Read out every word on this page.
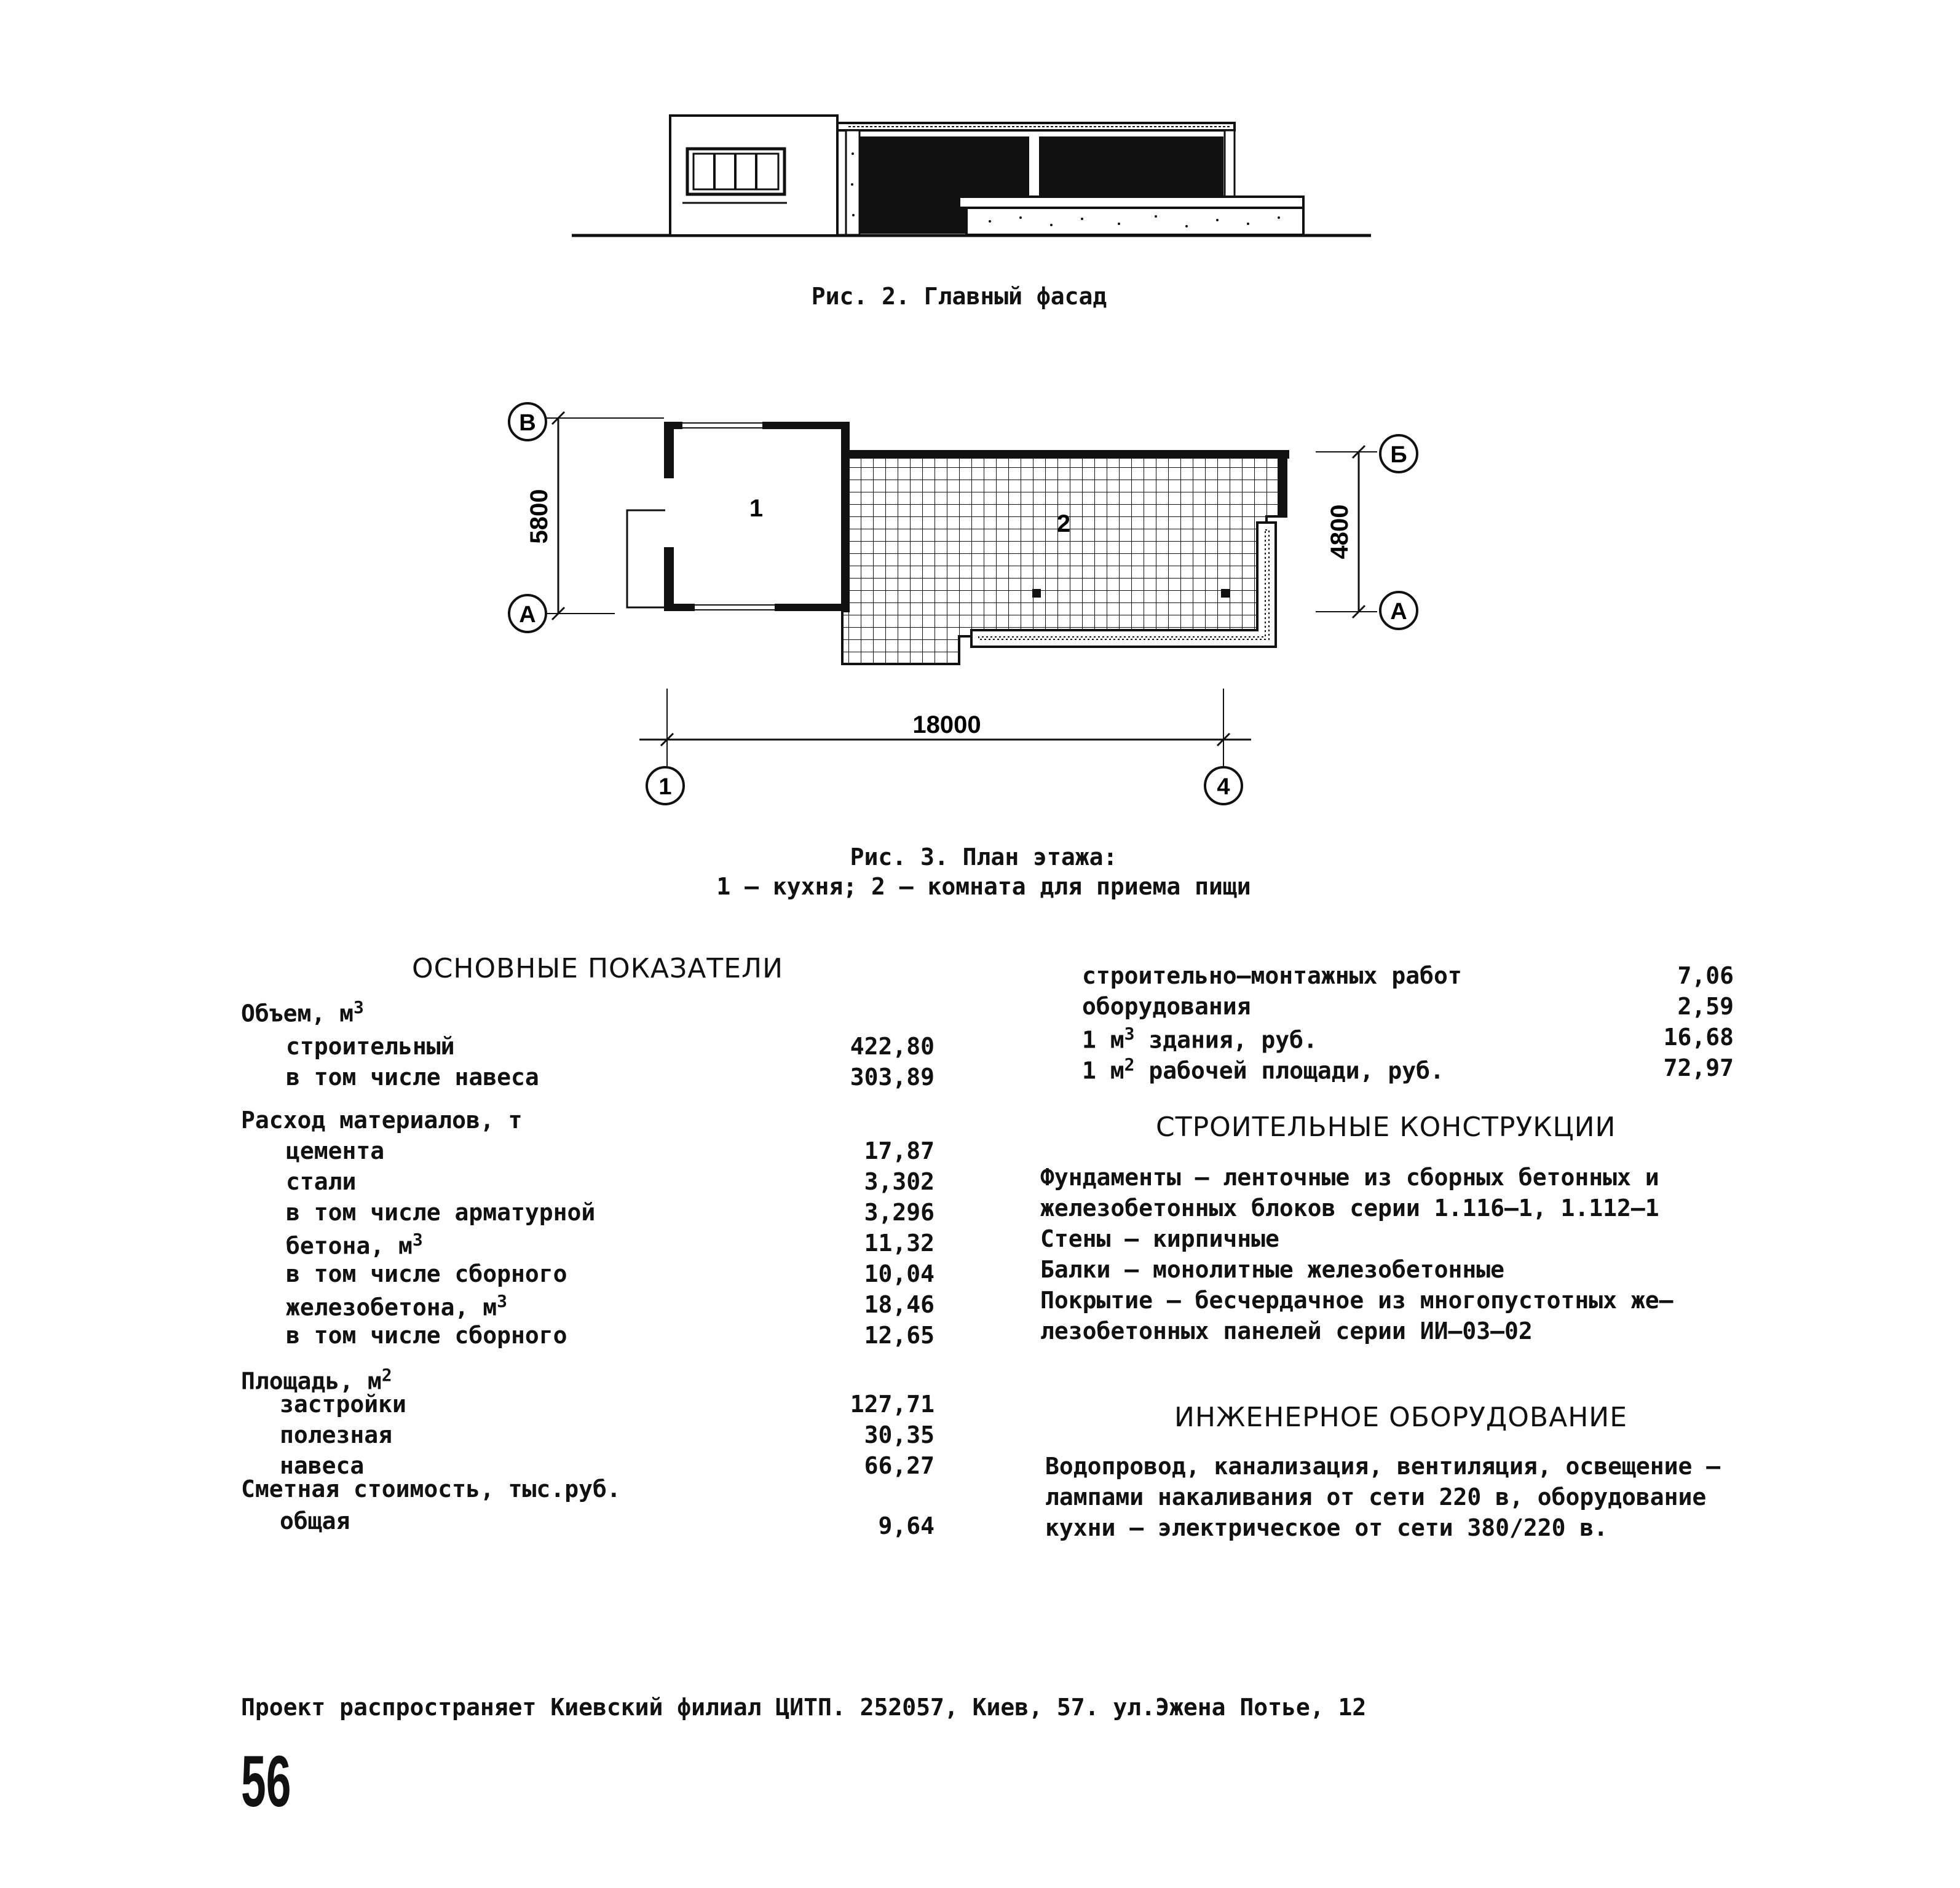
Рис. 2. Главный фасад
1
2
5800
В
А
4800
Б
А
18000
1	4
Рис. 3. План этажа:
1 – кухня; 2 – комната для приема пищи
ОСНОВНЫЕ ПОКАЗАТЕЛИ
Объем, $м^3$
строительный	422,80
в том числе навеса	303,89
Расход материалов, т
цемента	17,87
стали	3,302
в том числе арматурной	3,296
бетона, $м^3$	11,32
в том числе сборного	10,04
железобетона, $м^3$	18,46
в том числе сборного	12,65
Площадь, $м^2$
застройки	127,71
полезная	30,35
навеса	66,27
Сметная стоимость, тыс.руб.
общая	9,64
строительно–монтажных работ	7,06
оборудования	2,59
1 $м^3$ здания, руб.	16,68
1 $м^2$ рабочей площади, руб.	72,97
СТРОИТЕЛЬНЫЕ КОНСТРУКЦИИ
Фундаменты – ленточные из сборных бетонных и
железобетонных блоков серии 1.116–1, 1.112–1
Стены – кирпичные
Балки – монолитные железобетонные
Покрытие – бесчердачное из многопустотных же–
лезобетонных панелей серии ИИ–03–02
ИНЖЕНЕРНОЕ ОБОРУДОВАНИЕ
Водопровод, канализация, вентиляция, освещение –
лампами накаливания от сети 220 в, оборудование
кухни – электрическое от сети 380/220 в.
Проект распространяет Киевский филиал ЦИТП. 252057, Киев, 57. ул.Эжена Потье, 12
56
